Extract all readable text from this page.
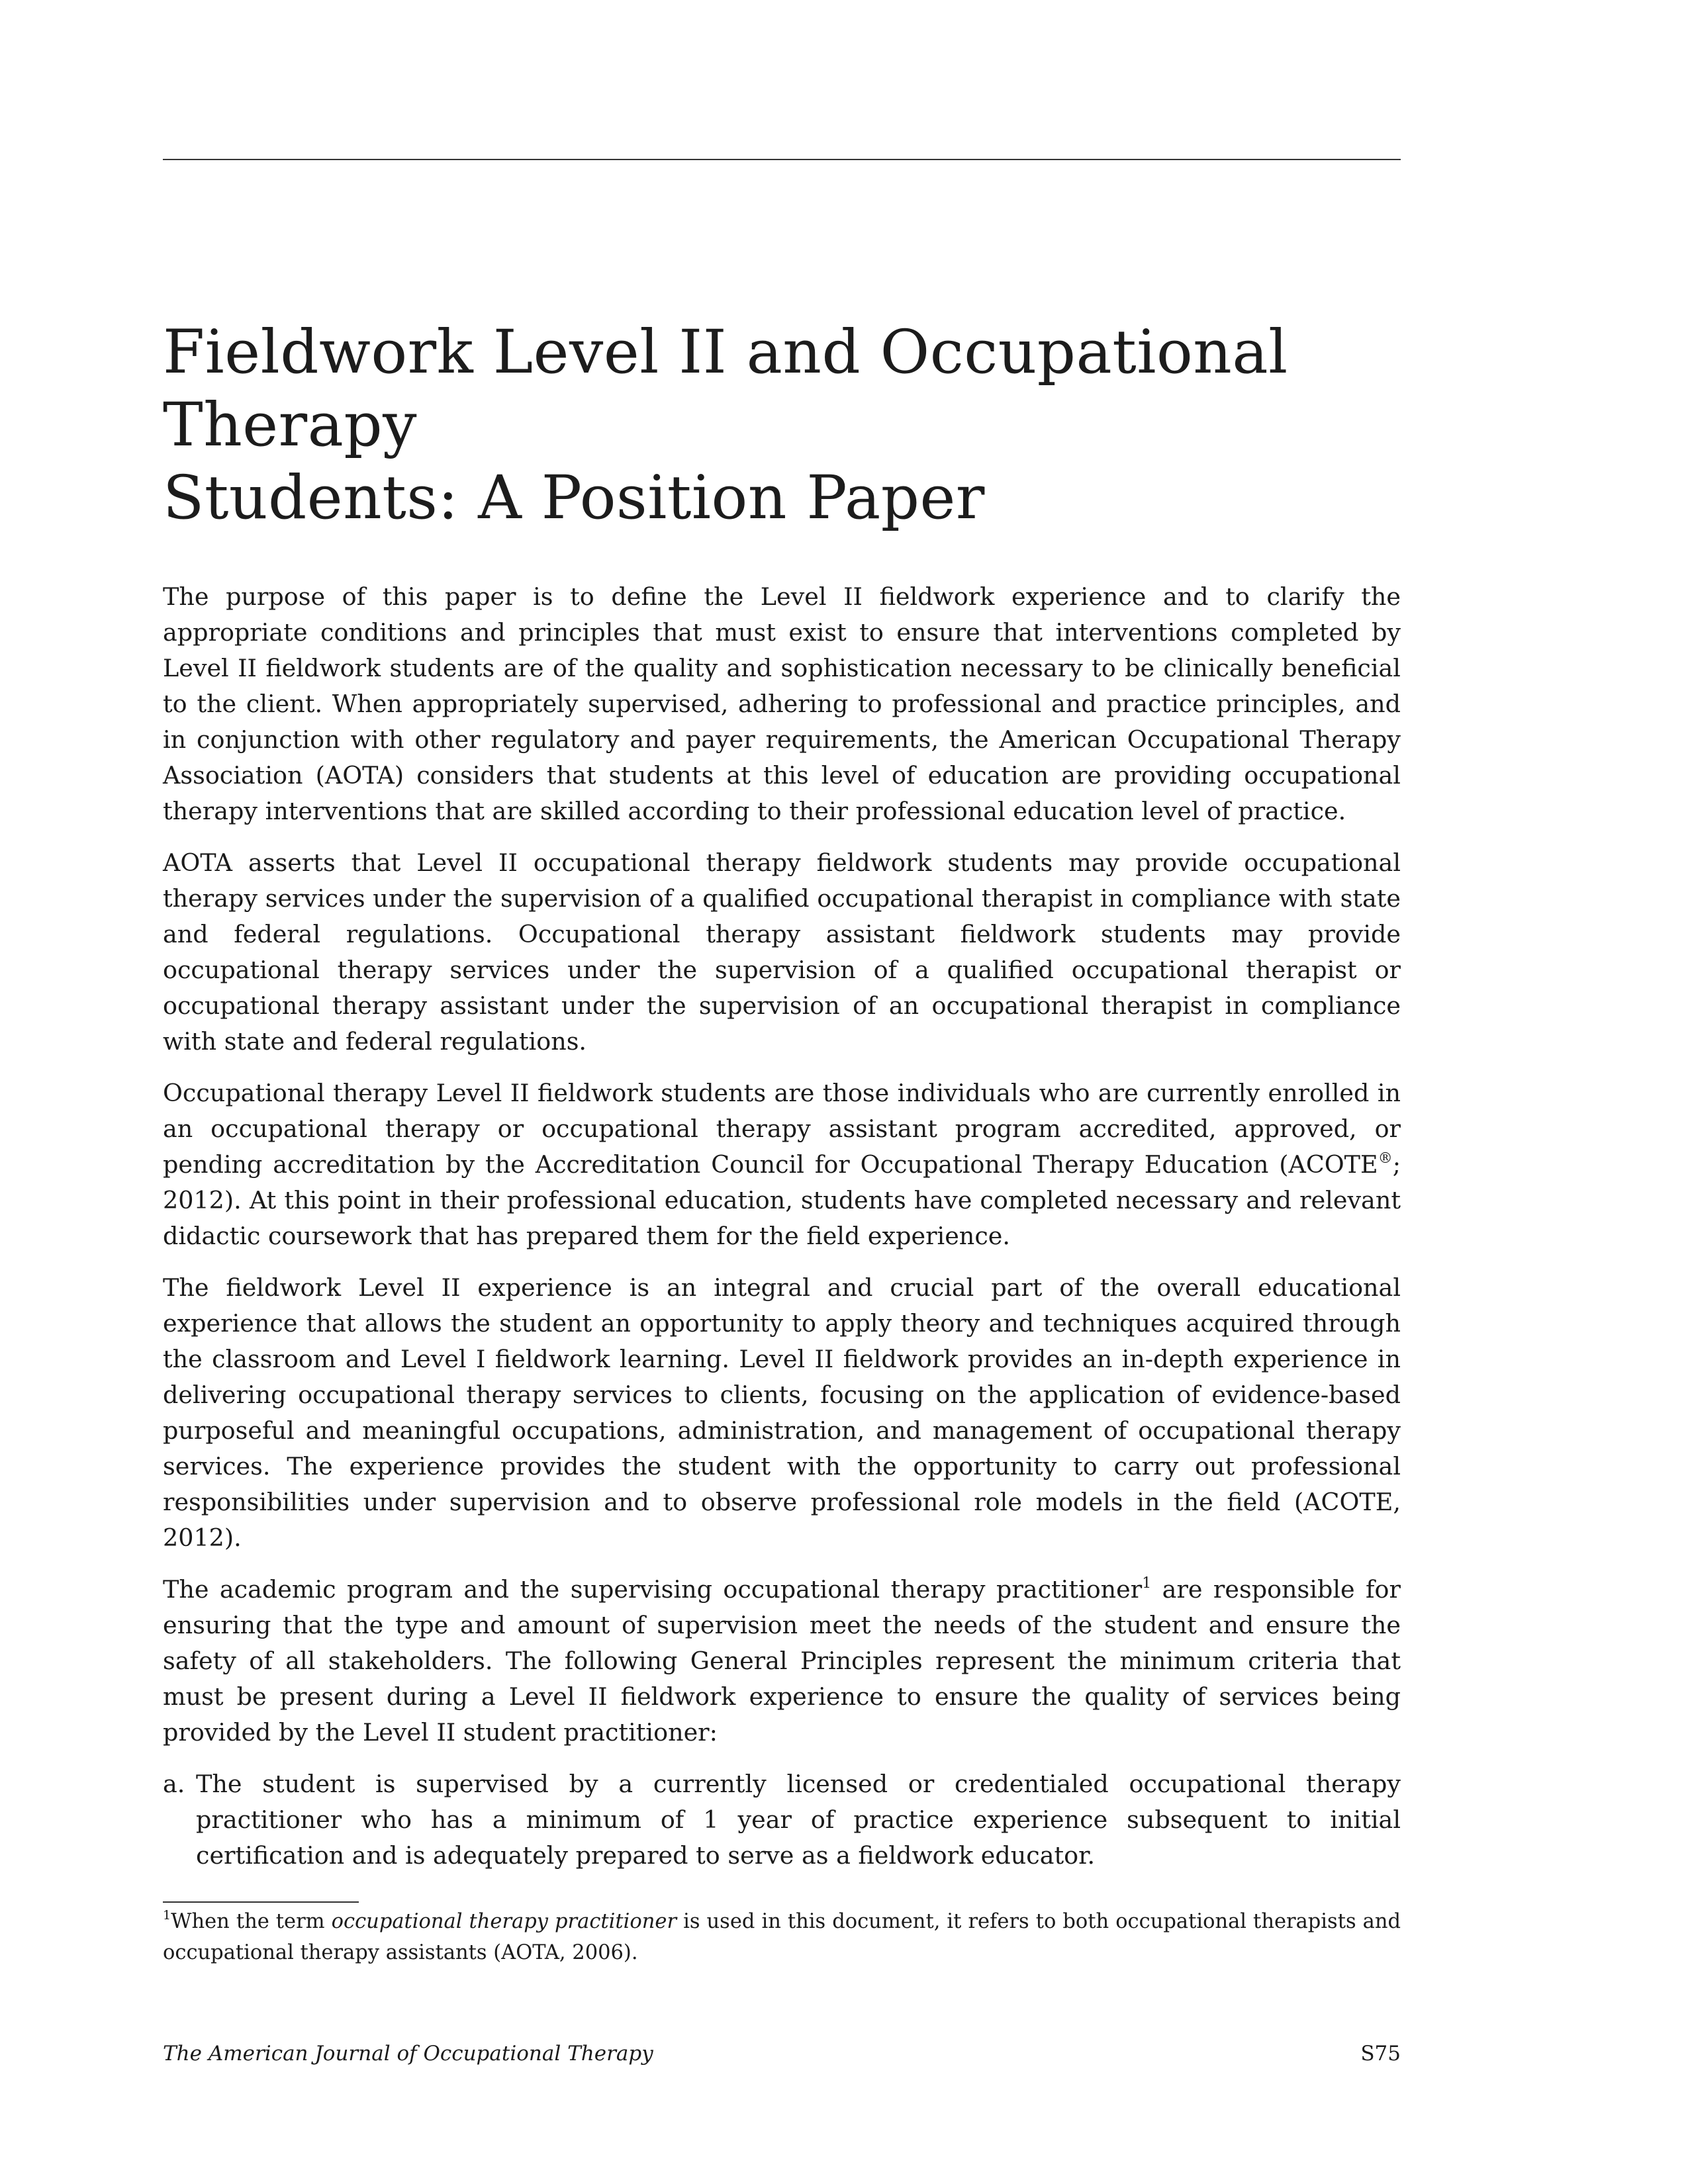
Fieldwork Level II and Occupational Therapy
Students: A Position Paper

The purpose of this paper is to define the Level II fieldwork experience and to clarify the appropriate conditions and principles that must exist to ensure that interventions completed by Level II fieldwork students are of the quality and sophistication necessary to be clinically beneficial to the client. When appropriately supervised, adhering to professional and practice principles, and in conjunction with other regulatory and payer requirements, the American Occupational Therapy Association (AOTA) considers that students at this level of education are providing occupational therapy interventions that are skilled according to their professional education level of practice.

AOTA asserts that Level II occupational therapy fieldwork students may provide occupational therapy services under the supervision of a qualified occupational therapist in compliance with state and federal regulations. Occupational therapy assistant fieldwork students may provide occupational therapy services under the supervision of a qualified occupational therapist or occupational therapy assistant under the supervision of an occupational therapist in compliance with state and federal regulations.

Occupational therapy Level II fieldwork students are those individuals who are currently enrolled in an occupational therapy or occupational therapy assistant program accredited, approved, or pending accreditation by the Accreditation Council for Occupational Therapy Education (ACOTE®; 2012). At this point in their professional education, students have completed necessary and relevant didactic coursework that has prepared them for the field experience.

The fieldwork Level II experience is an integral and crucial part of the overall educational experience that allows the student an opportunity to apply theory and techniques acquired through the classroom and Level I fieldwork learning. Level II fieldwork provides an in-depth experience in delivering occupational therapy services to clients, focusing on the application of evidence-based purposeful and meaningful occupations, administration, and management of occupational therapy services. The experience provides the student with the opportunity to carry out professional responsibilities under supervision and to observe professional role models in the field (ACOTE, 2012).

The academic program and the supervising occupational therapy practitioner$^1$ are responsible for ensuring that the type and amount of supervision meet the needs of the student and ensure the safety of all stakeholders. The following General Principles represent the minimum criteria that must be present during a Level II fieldwork experience to ensure the quality of services being provided by the Level II student practitioner:

a. The student is supervised by a currently licensed or credentialed occupational therapy practitioner who has a minimum of 1 year of practice experience subsequent to initial certification and is adequately prepared to serve as a fieldwork educator.

$^1$When the term occupational therapy practitioner is used in this document, it refers to both occupational therapists and occupational therapy assistants (AOTA, 2006).

The American Journal of Occupational Therapy	S75
